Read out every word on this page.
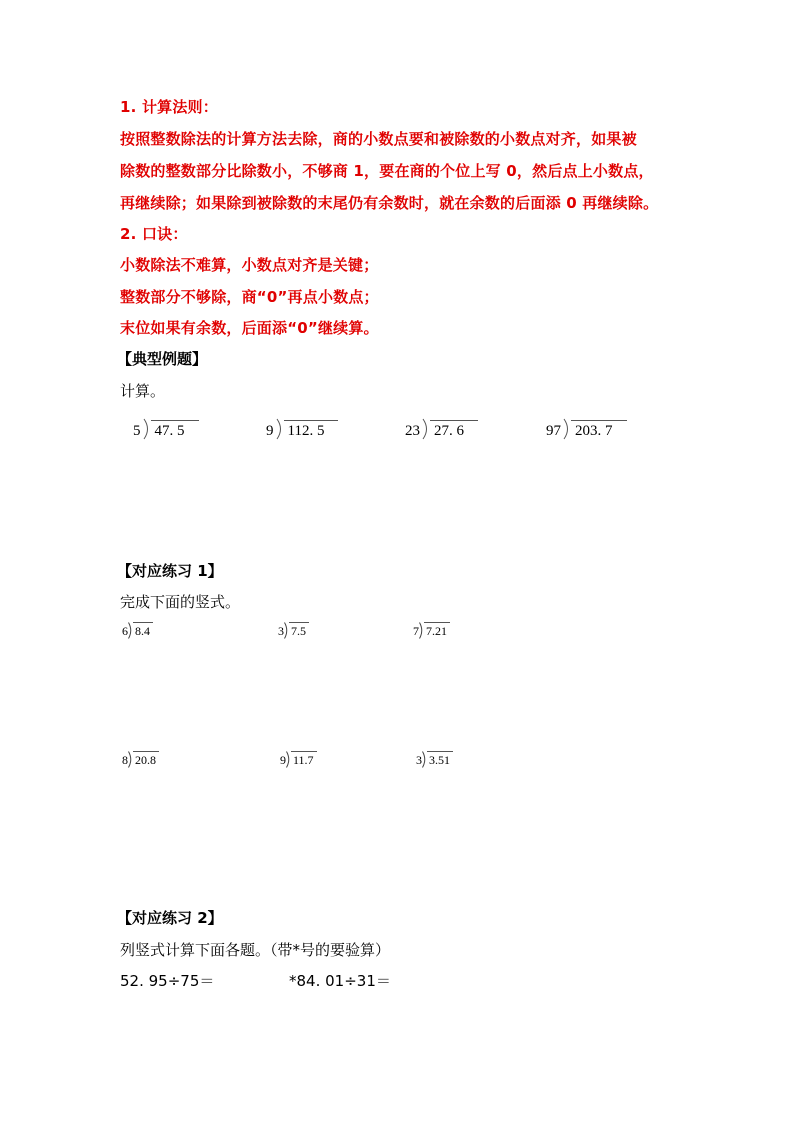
1. 计算法则：
按照整数除法的计算方法去除，商的小数点要和被除数的小数点对齐，如果被
除数的整数部分比除数小，不够商 1，要在商的个位上写 0，然后点上小数点，
再继续除；如果除到被除数的末尾仍有余数时，就在余数的后面添 0 再继续除。
2. 口诀：
小数除法不难算，小数点对齐是关键；
整数部分不够除，商“0”再点小数点；
末位如果有余数，后面添“0”继续算。
【典型例题】
计算。
5 47. 5	9 112. 5	23 27. 6	97 203. 7
【对应练习 1】
完成下面的竖式。
6 8.4	3 7.5	7 7.21
8 20.8	9 11.7	3 3.51
【对应练习 2】
列竖式计算下面各题。（带*号的要验算）
52. 95÷75＝	*84. 01÷31＝
